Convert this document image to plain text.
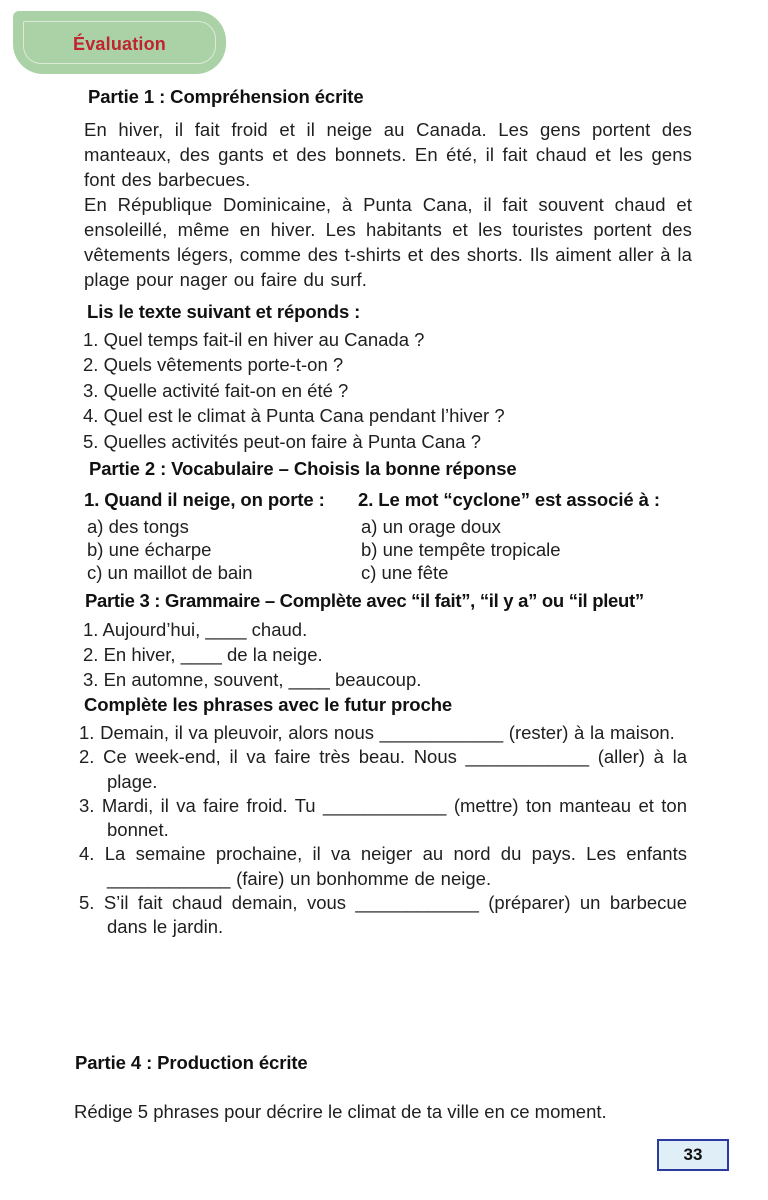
Évaluation
Partie 1 : Compréhension écrite

En hiver, il fait froid et il neige au Canada. Les gens portent des manteaux, des gants et des bonnets. En été, il fait chaud et les gens font des barbecues.

En République Dominicaine, à Punta Cana, il fait souvent chaud et ensoleillé, même en hiver. Les habitants et les touristes portent des vêtements légers, comme des t-shirts et des shorts. Ils aiment aller à la plage pour nager ou faire du surf.

Lis le texte suivant et réponds :
1. Quel temps fait-il en hiver au Canada ?
2. Quels vêtements porte-t-on ?
3. Quelle activité fait-on en été ?
4. Quel est le climat à Punta Cana pendant l’hiver ?
5. Quelles activités peut-on faire à Punta Cana ?
Partie 2 : Vocabulaire – Choisis la bonne réponse
1. Quand il neige, on porte :
a) des tongs
b) une écharpe
c) un maillot de bain
2. Le mot “cyclone” est associé à :
a) un orage doux
b) une tempête tropicale
c) une fête
Partie 3 : Grammaire – Complète avec “il fait”, “il y a” ou “il pleut”
1. Aujourd’hui, ____ chaud.
2. En hiver, ____ de la neige.
3. En automne, souvent, ____ beaucoup.
Complète les phrases avec le futur proche
Demain, il va pleuvoir, alors nous ____________ (rester) à la maison.
Ce week-end, il va faire très beau. Nous ____________ (aller) à la plage.
Mardi, il va faire froid. Tu ____________ (mettre) ton manteau et ton bonnet.
La semaine prochaine, il va neiger au nord du pays. Les enfants ____________ (faire) un bonhomme de neige.
S’il fait chaud demain, vous ____________ (préparer) un barbecue dans le jardin.
Partie 4 : Production écrite
Rédige 5 phrases pour décrire le climat de ta ville en ce moment.
33
